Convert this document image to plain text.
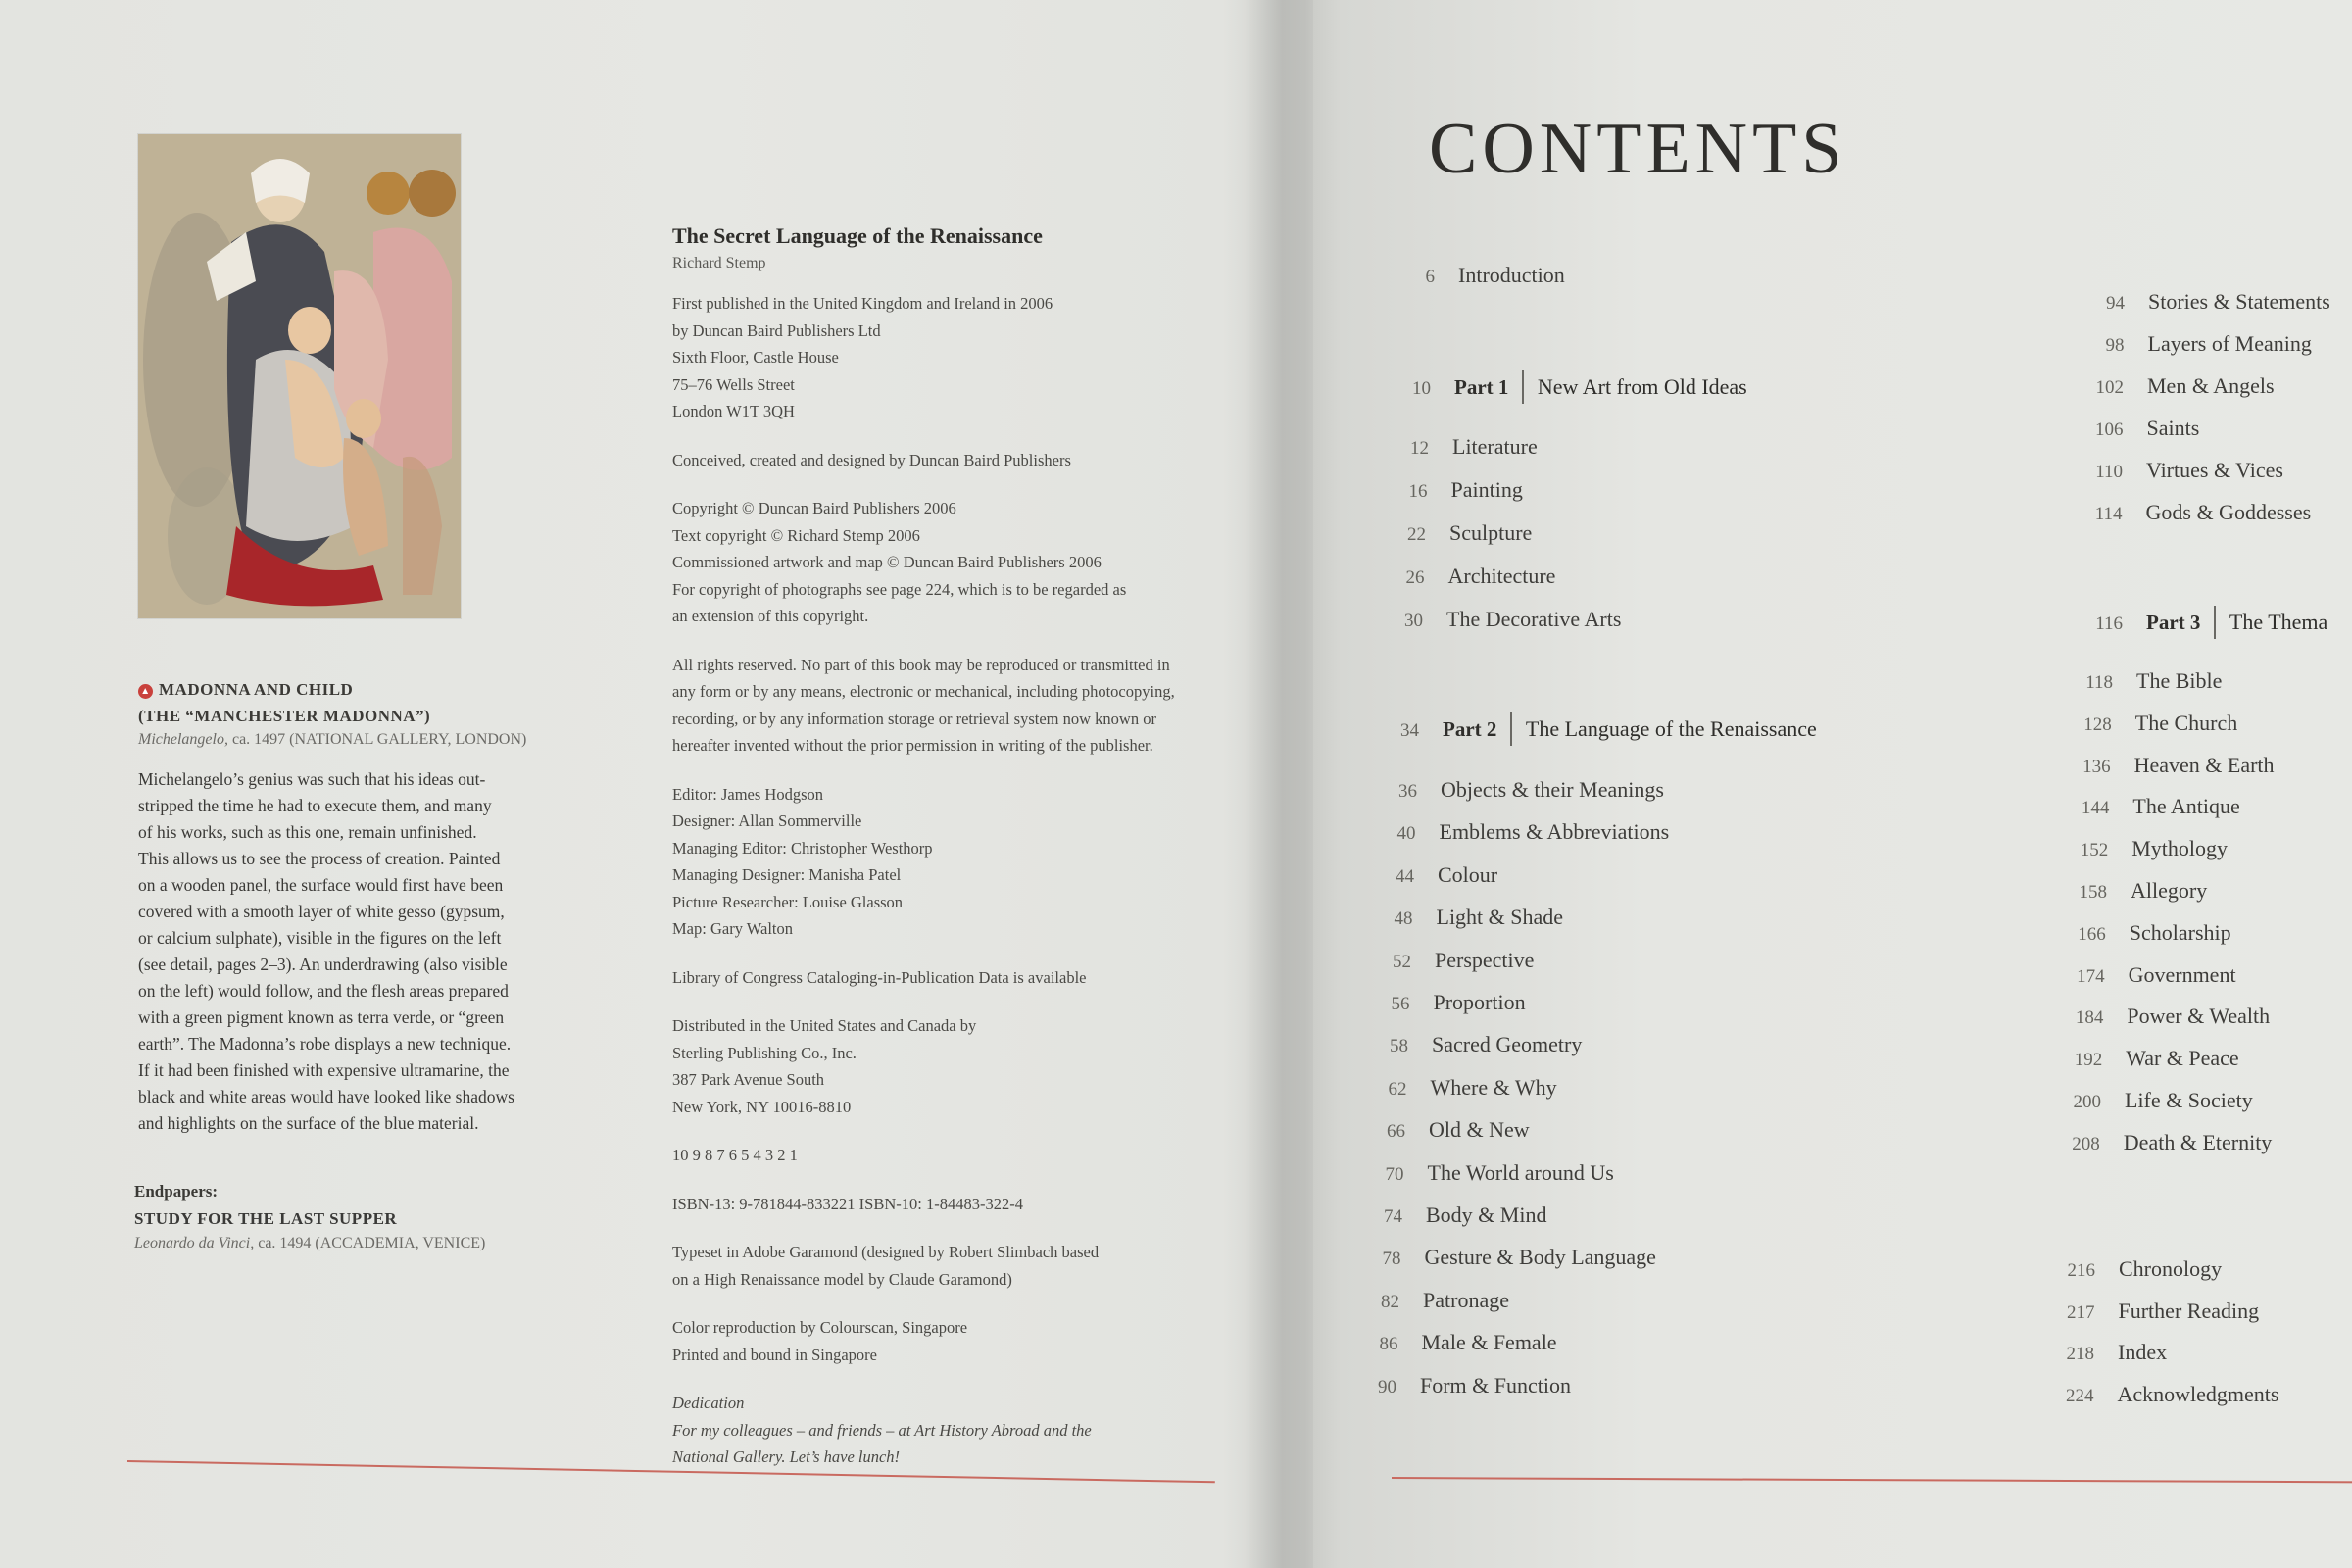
▲ MADONNA AND CHILD
(THE “MANCHESTER MADONNA”)
Michelangelo, ca. 1497 (NATIONAL GALLERY, LONDON)
Michelangelo’s genius was such that his ideas out-
stripped the time he had to execute them, and many
of his works, such as this one, remain unfinished.
This allows us to see the process of creation. Painted
on a wooden panel, the surface would first have been
covered with a smooth layer of white gesso (gypsum,
or calcium sulphate), visible in the figures on the left
(see detail, pages 2–3). An underdrawing (also visible
on the left) would follow, and the flesh areas prepared
with a green pigment known as terra verde, or “green
earth”. The Madonna’s robe displays a new technique.
If it had been finished with expensive ultramarine, the
black and white areas would have looked like shadows
and highlights on the surface of the blue material.
Endpapers:
STUDY FOR THE LAST SUPPER
Leonardo da Vinci, ca. 1494 (ACCADEMIA, VENICE)
The Secret Language of the Renaissance
Richard Stemp
First published in the United Kingdom and Ireland in 2006
by Duncan Baird Publishers Ltd
Sixth Floor, Castle House
75–76 Wells Street
London W1T 3QH
Conceived, created and designed by Duncan Baird Publishers
Copyright © Duncan Baird Publishers 2006
Text copyright © Richard Stemp 2006
Commissioned artwork and map © Duncan Baird Publishers 2006
For copyright of photographs see page 224, which is to be regarded as
an extension of this copyright.
All rights reserved. No part of this book may be reproduced or transmitted in
any form or by any means, electronic or mechanical, including photocopying,
recording, or by any information storage or retrieval system now known or
hereafter invented without the prior permission in writing of the publisher.
Editor: James Hodgson
Designer: Allan Sommerville
Managing Editor: Christopher Westhorp
Managing Designer: Manisha Patel
Picture Researcher: Louise Glasson
Map: Gary Walton
Library of Congress Cataloging-in-Publication Data is available
Distributed in the United States and Canada by
Sterling Publishing Co., Inc.
387 Park Avenue South
New York, NY 10016-8810
10 9 8 7 6 5 4 3 2 1
ISBN-13: 9-781844-833221 ISBN-10: 1-84483-322-4
Typeset in Adobe Garamond (designed by Robert Slimbach based
on a High Renaissance model by Claude Garamond)
Color reproduction by Colourscan, Singapore
Printed and bound in Singapore
Dedication
For my colleagues – and friends – at Art History Abroad and the
National Gallery. Let’s have lunch!
CONTENTS
6 Introduction
10 Part 1 New Art from Old Ideas
12 Literature
16 Painting
22 Sculpture
26 Architecture
30 The Decorative Arts
34 Part 2 The Language of the Renaissance
36 Objects & their Meanings
40 Emblems & Abbreviations
44 Colour
48 Light & Shade
52 Perspective
56 Proportion
58 Sacred Geometry
62 Where & Why
66 Old & New
70 The World around Us
74 Body & Mind
78 Gesture & Body Language
82 Patronage
86 Male & Female
90 Form & Function
94 Stories & Statements
98 Layers of Meaning
102 Men & Angels
106 Saints
110 Virtues & Vices
114 Gods & Goddesses
116 Part 3 The Thema
118 The Bible
128 The Church
136 Heaven & Earth
144 The Antique
152 Mythology
158 Allegory
166 Scholarship
174 Government
184 Power & Wealth
192 War & Peace
200 Life & Society
208 Death & Eternity
216 Chronology
217 Further Reading
218 Index
224 Acknowledgments
